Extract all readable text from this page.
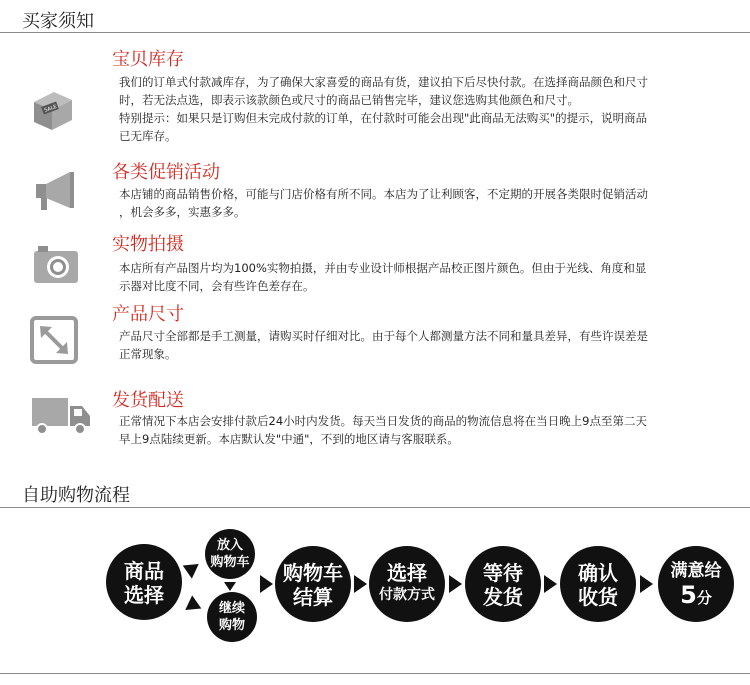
买家须知
SALE
宝贝库存
我们的订单式付款减库存，为了确保大家喜爱的商品有货，建议拍下后尽快付款。在选择商品颜色和尺寸
时，若无法点选，即表示该款颜色或尺寸的商品已销售完毕，建议您选购其他颜色和尺寸。
特别提示：如果只是订购但未完成付款的订单，在付款时可能会出现"此商品无法购买"的提示，说明商品
已无库存。
各类促销活动
本店铺的商品销售价格，可能与门店价格有所不同。本店为了让利顾客，不定期的开展各类限时促销活动
，机会多多，实惠多多。
实物拍摄
本店所有产品图片均为100%实物拍摄，并由专业设计师根据产品校正图片颜色。但由于光线、角度和显
示器对比度不同，会有些许色差存在。
产品尺寸
产品尺寸全部都是手工测量，请购买时仔细对比。由于每个人都测量方法不同和量具差异，有些许误差是
正常现象。
发货配送
正常情况下本店会安排付款后24小时内发货。每天当日发货的商品的物流信息将在当日晚上9点至第二天
早上9点陆续更新。本店默认发"中通"，不到的地区请与客服联系。
自助购物流程
商品
选择
放入
购物车
继续
购物
购物车
结算
选择
付款方式
等待
发货
确认
收货
满意给
5分
